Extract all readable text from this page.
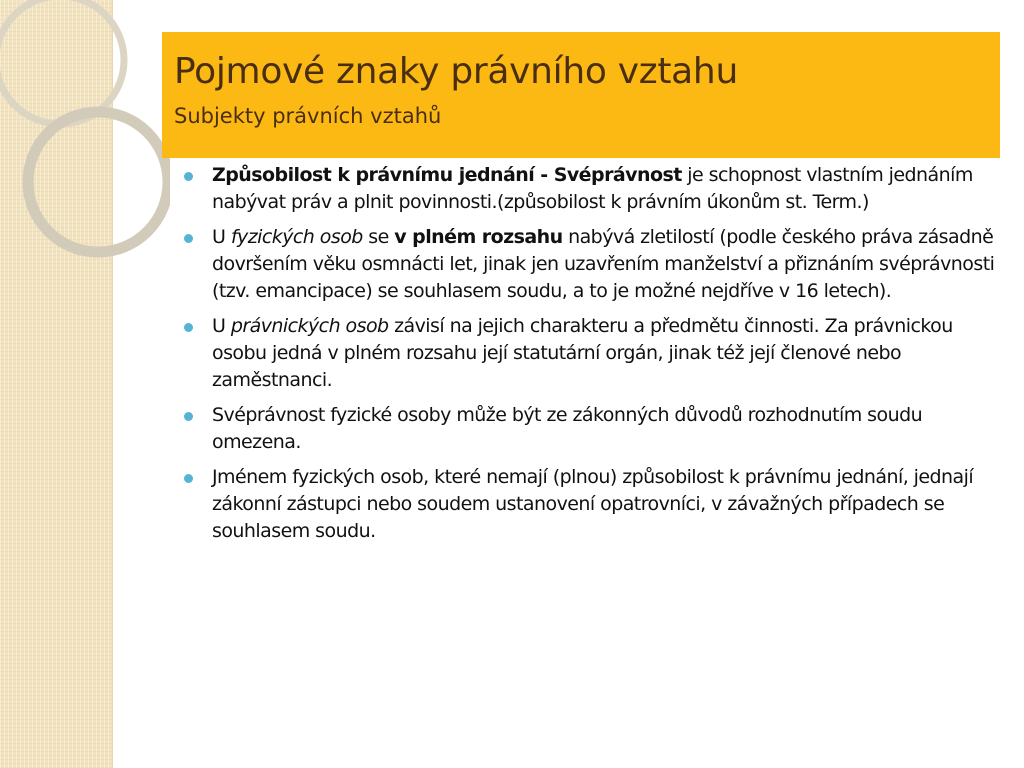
Pojmové znaky právního vztahu
Subjekty právních vztahů
Způsobilost k právnímu jednání - Svéprávnost je schopnost vlastním jednáním nabývat práv a plnit povinnosti.(způsobilost k právním úkonům st. Term.)
U fyzických osob se v plném rozsahu nabývá zletilostí (podle českého práva zásadně dovršením věku osmnácti let, jinak jen uzavřením manželství a přiznáním svéprávnosti (tzv. emancipace) se souhlasem soudu, a to je možné nejdříve v 16 letech).
U právnických osob závisí na jejich charakteru a předmětu činnosti. Za právnickou osobu jedná v plném rozsahu její statutární orgán, jinak též její členové nebo zaměstnanci.
Svéprávnost fyzické osoby může být ze zákonných důvodů rozhodnutím soudu omezena.
Jménem fyzických osob, které nemají (plnou) způsobilost k právnímu jednání, jednají zákonní zástupci nebo soudem ustanovení opatrovníci, v závažných případech se souhlasem soudu.
